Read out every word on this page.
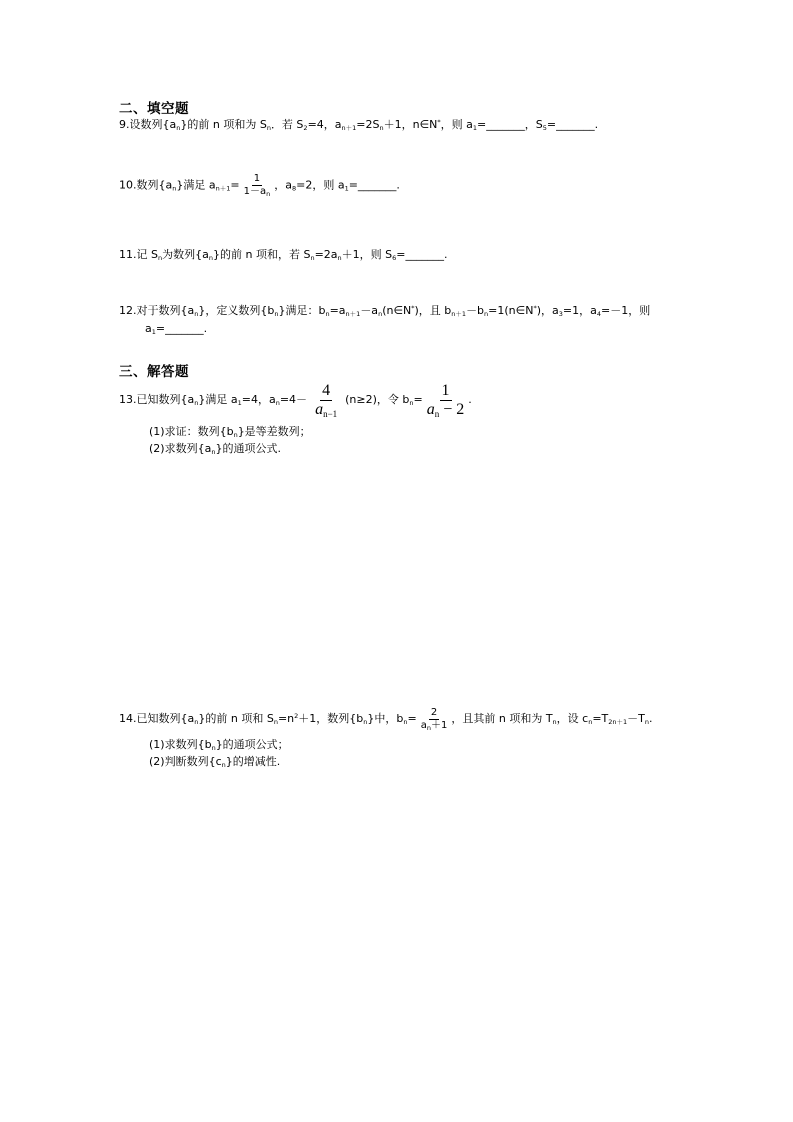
二、填空题
9.设数列$\{a_n\}$的前 n 项和为 $S_n$．若 $S_2=4$，$a_{n+1}=2S_n+1$，n∈N*，则 $a_1=\_\_\_\_\_\_\_$，$S_5=\_\_\_\_\_\_\_$.
10.数列$\{a_n\}$满足 $a_{n+1}= \frac{1}{1-a_n}$ ，$a_8=2$，则 $a_1=\_\_\_\_\_\_\_$.
11.记 $S_n$为数列$\{a_n\}$的前 n 项和，若 $S_n=2a_n+1$，则 $S_6=\_\_\_\_\_\_\_$.
12.对于数列$\{a_n\}$，定义数列$\{b_n\}$满足：$b_n=a_{n+1}-a_n(n\in N^*)$，且 $b_{n+1}-b_n=1(n\in N^*)$，$a_3=1$，$a_4=-1$，则
$a_1=\_\_\_\_\_\_\_$.
三、解答题
13.已知数列$\{a_n\}$满足 $a_1=4$，$a_n=4- \frac{4}{a_{n-1}} (n\ge 2)$，令 $b_n= \frac{1}{a_n - 2}$ .
(1)求证：数列$\{b_n\}$是等差数列；
(2)求数列$\{a_n\}$的通项公式.
14.已知数列$\{a_n\}$的前 n 项和 $S_n=n^2+1$，数列$\{b_n\}$中，$b_n= \frac{2}{a_n+1}$ ，且其前 n 项和为 $T_n$，设 $c_n=T_{2n+1}-T_n$.
(1)求数列$\{b_n\}$的通项公式；
(2)判断数列$\{c_n\}$的增减性.
